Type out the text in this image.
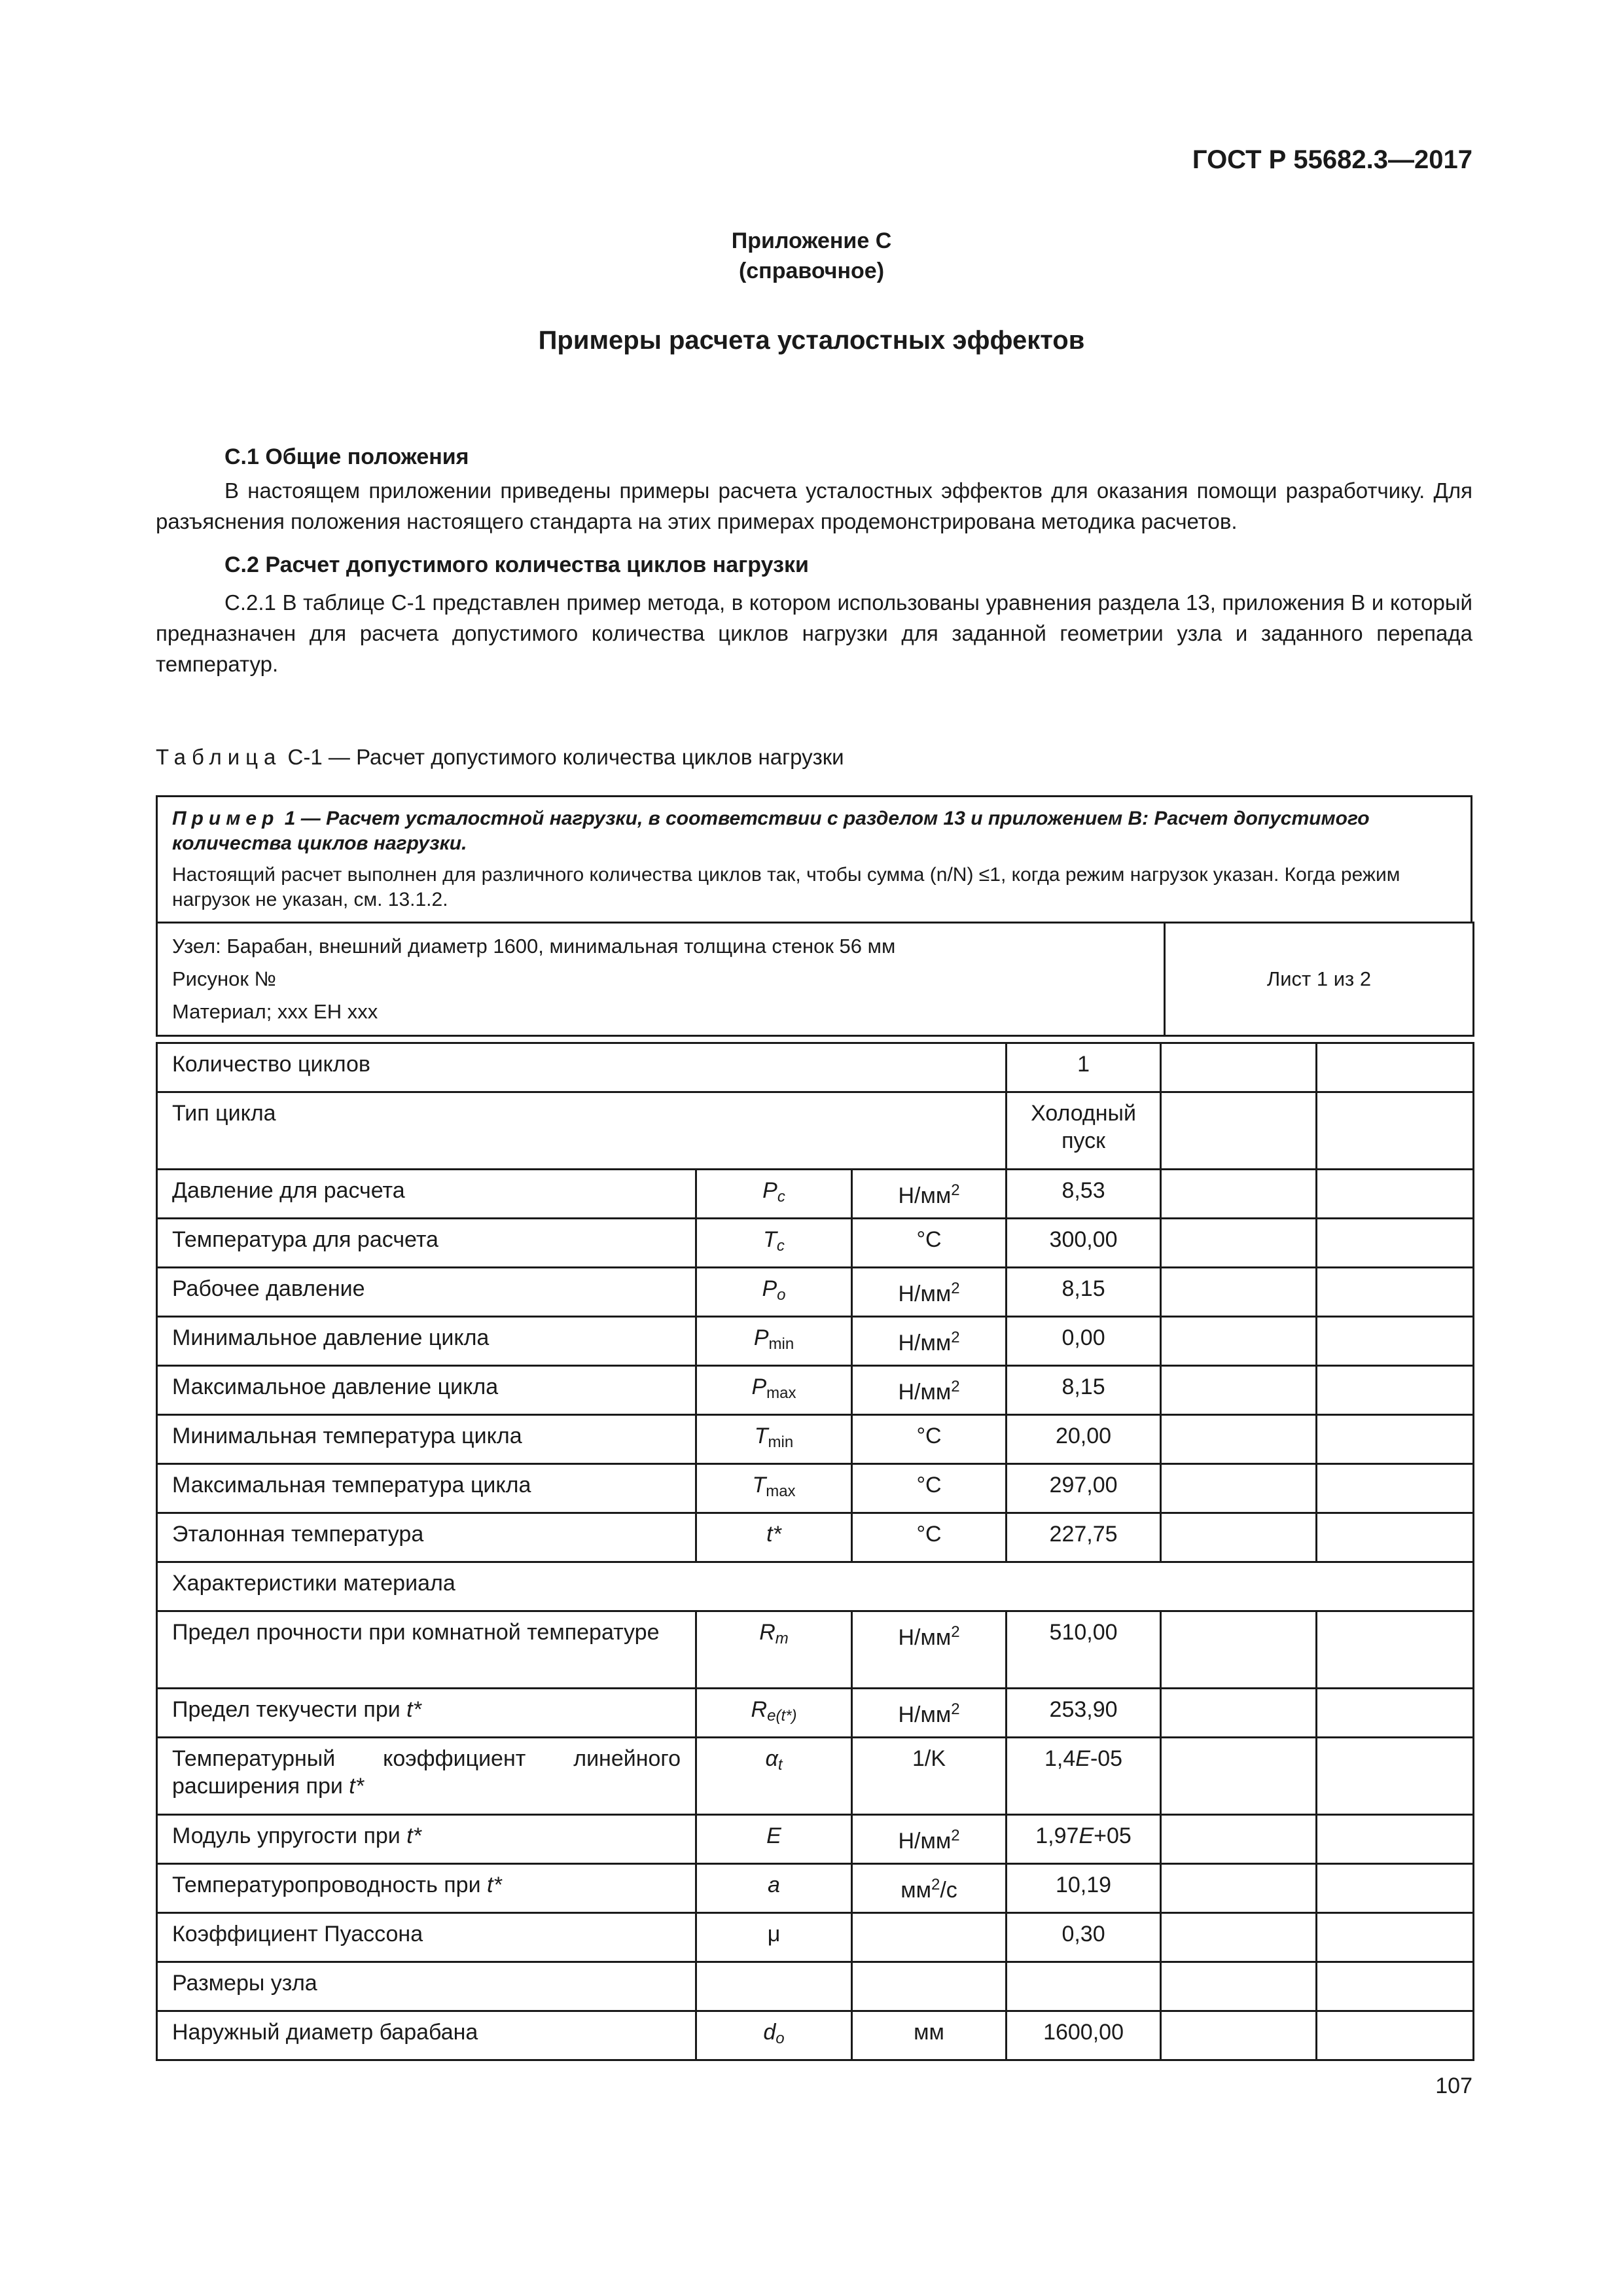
ГОСТ Р 55682.3—2017
Приложение С
(справочное)
Примеры расчета усталостных эффектов
С.1 Общие положения

В настоящем приложении приведены примеры расчета усталостных эффектов для оказания помощи разработчику. Для разъяснения положения настоящего стандарта на этих примерах продемонстрирована методика расчетов.

С.2 Расчет допустимого количества циклов нагрузки

С.2.1 В таблице С-1 представлен пример метода, в котором использованы уравнения раздела 13, приложения В и который предназначен для расчета допустимого количества циклов нагрузки для заданной геометрии узла и заданного перепада температур.

Таблица С-1 — Расчет допустимого количества циклов нагрузки
Пример 1 — Расчет усталостной нагрузки, в соответствии с разделом 13 и приложением В: Расчет допустимого количества циклов нагрузки.
Настоящий расчет выполнен для различного количества циклов так, чтобы сумма (n/N) ≤1, когда режим нагрузок указан. Когда режим нагрузок не указан, см. 13.1.2.
Узел: Барабан, внешний диаметр 1600, минимальная толщина стенок 56 мм
Рисунок №
Материал; ххх ЕН ххх
	Лист 1 из 2
Количество циклов			1		
Тип цикла			Холодный пуск		
Давление для расчета	$P_c$	$Н/мм^2$	8,53		
Температура для расчета	$T_c$	°С	300,00		
Рабочее давление	$P_o$	$Н/мм^2$	8,15		
Минимальное давление цикла	$P_{min}$	$Н/мм^2$	0,00		
Максимальное давление цикла	$P_{max}$	$Н/мм^2$	8,15		
Минимальная температура цикла	$T_{min}$	°С	20,00		
Максимальная температура цикла	$T_{max}$	°С	297,00		
Эталонная температура	t*	°С	227,75		
Характеристики материала					
Предел прочности при комнатной температуре	$R_m$	$Н/мм^2$	510,00		
Предел текучести при t*	$R_{e(t*)}$	$Н/мм^2$	253,90		
Температурный коэффициент линейного расширения при t*	$\alpha_t$	1/K	1,4E-05		
Модуль упругости при t*	E	$Н/мм^2$	1,97E+05		
Температуропроводность при t*	a	$мм^2/с$	10,19		
Коэффициент Пуассона	μ		0,30		
Размеры узла					
Наружный диаметр барабана	$d_o$	мм	1600,00		
107
